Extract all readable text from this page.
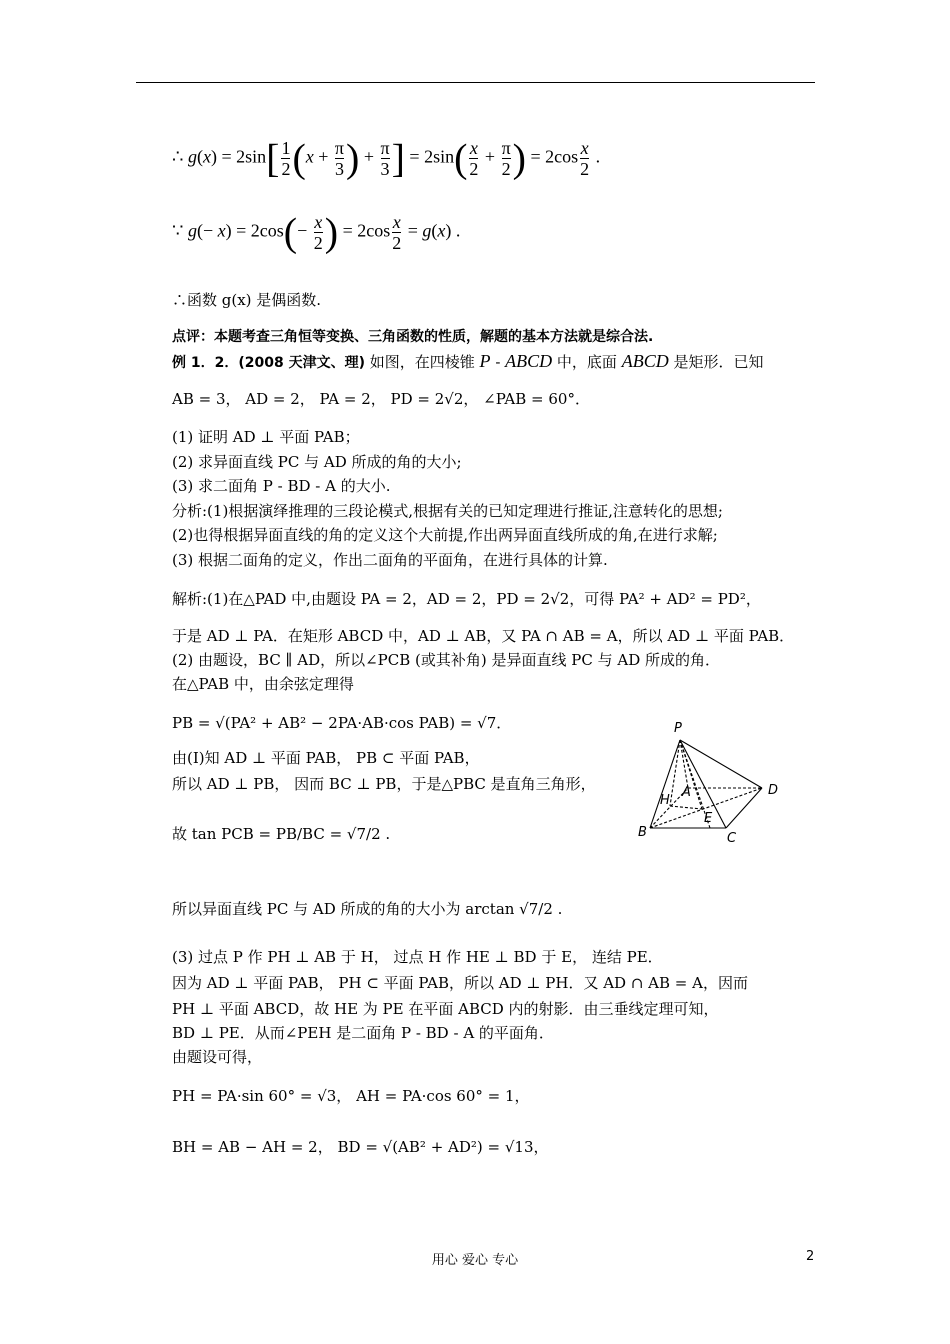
∴ $g(x) = 2\sin[ \frac{1}{2} (x + \frac{\pi}{3}$ ) + $\frac{\pi}{3}$ ] = $2\sin( \frac{x}{2} + \frac{\pi}{2}$ ) = $2\cos \frac{x}{2}$ .
∵ $g(- x) = 2\cos(- \frac{x}{2}$ ) = $2\cos \frac{x}{2} = g(x)$ .
∴函数 g(x) 是偶函数.
点评：本题考查三角恒等变换、三角函数的性质，解题的基本方法就是综合法.
例 1．2．(2008 天津文、理) 如图，在四棱锥 P - ABCD 中，底面 ABCD 是矩形．已知
AB = 3， AD = 2， PA = 2， PD = 2√2， ∠PAB = 60°．
(1) 证明 AD ⊥ 平面 PAB；
(2) 求异面直线 PC 与 AD 所成的角的大小;
(3) 求二面角 P - BD - A 的大小.
分析:(1)根据演绎推理的三段论模式,根据有关的已知定理进行推证,注意转化的思想;
(2)也得根据异面直线的角的定义这个大前提,作出两异面直线所成的角,在进行求解;
(3) 根据二面角的定义，作出二面角的平面角，在进行具体的计算.
解析:(1)在△PAD 中,由题设 PA = 2，AD = 2，PD = 2√2，可得 PA² + AD² = PD²，
于是 AD ⊥ PA．在矩形 ABCD 中，AD ⊥ AB，又 PA ∩ AB = A，所以 AD ⊥ 平面 PAB．
(2) 由题设，BC ∥ AD，所以∠PCB (或其补角) 是异面直线 PC 与 AD 所成的角．
在△PAB 中，由余弦定理得
PB = √(PA² + AB² − 2PA·AB·cos PAB) = √7．
由(Ⅰ)知 AD ⊥ 平面 PAB， PB ⊂ 平面 PAB，
所以 AD ⊥ PB， 因而 BC ⊥ PB，于是△PBC 是直角三角形，
故 tan PCB = PB/BC = √7/2 .
所以异面直线 PC 与 AD 所成的角的大小为 arctan √7/2 .
(3) 过点 P 作 PH ⊥ AB 于 H， 过点 H 作 HE ⊥ BD 于 E， 连结 PE．
因为 AD ⊥ 平面 PAB， PH ⊂ 平面 PAB，所以 AD ⊥ PH．又 AD ∩ AB = A，因而
PH ⊥ 平面 ABCD，故 HE 为 PE 在平面 ABCD 内的射影．由三垂线定理可知，
BD ⊥ PE．从而∠PEH 是二面角 P - BD - A 的平面角．
由题设可得，
PH = PA·sin 60° = √3， AH = PA·cos 60° = 1，
BH = AB − AH = 2， BD = √(AB² + AD²) = √13，
P
A
B	C
D
E
H
用心 爱心 专心	2
